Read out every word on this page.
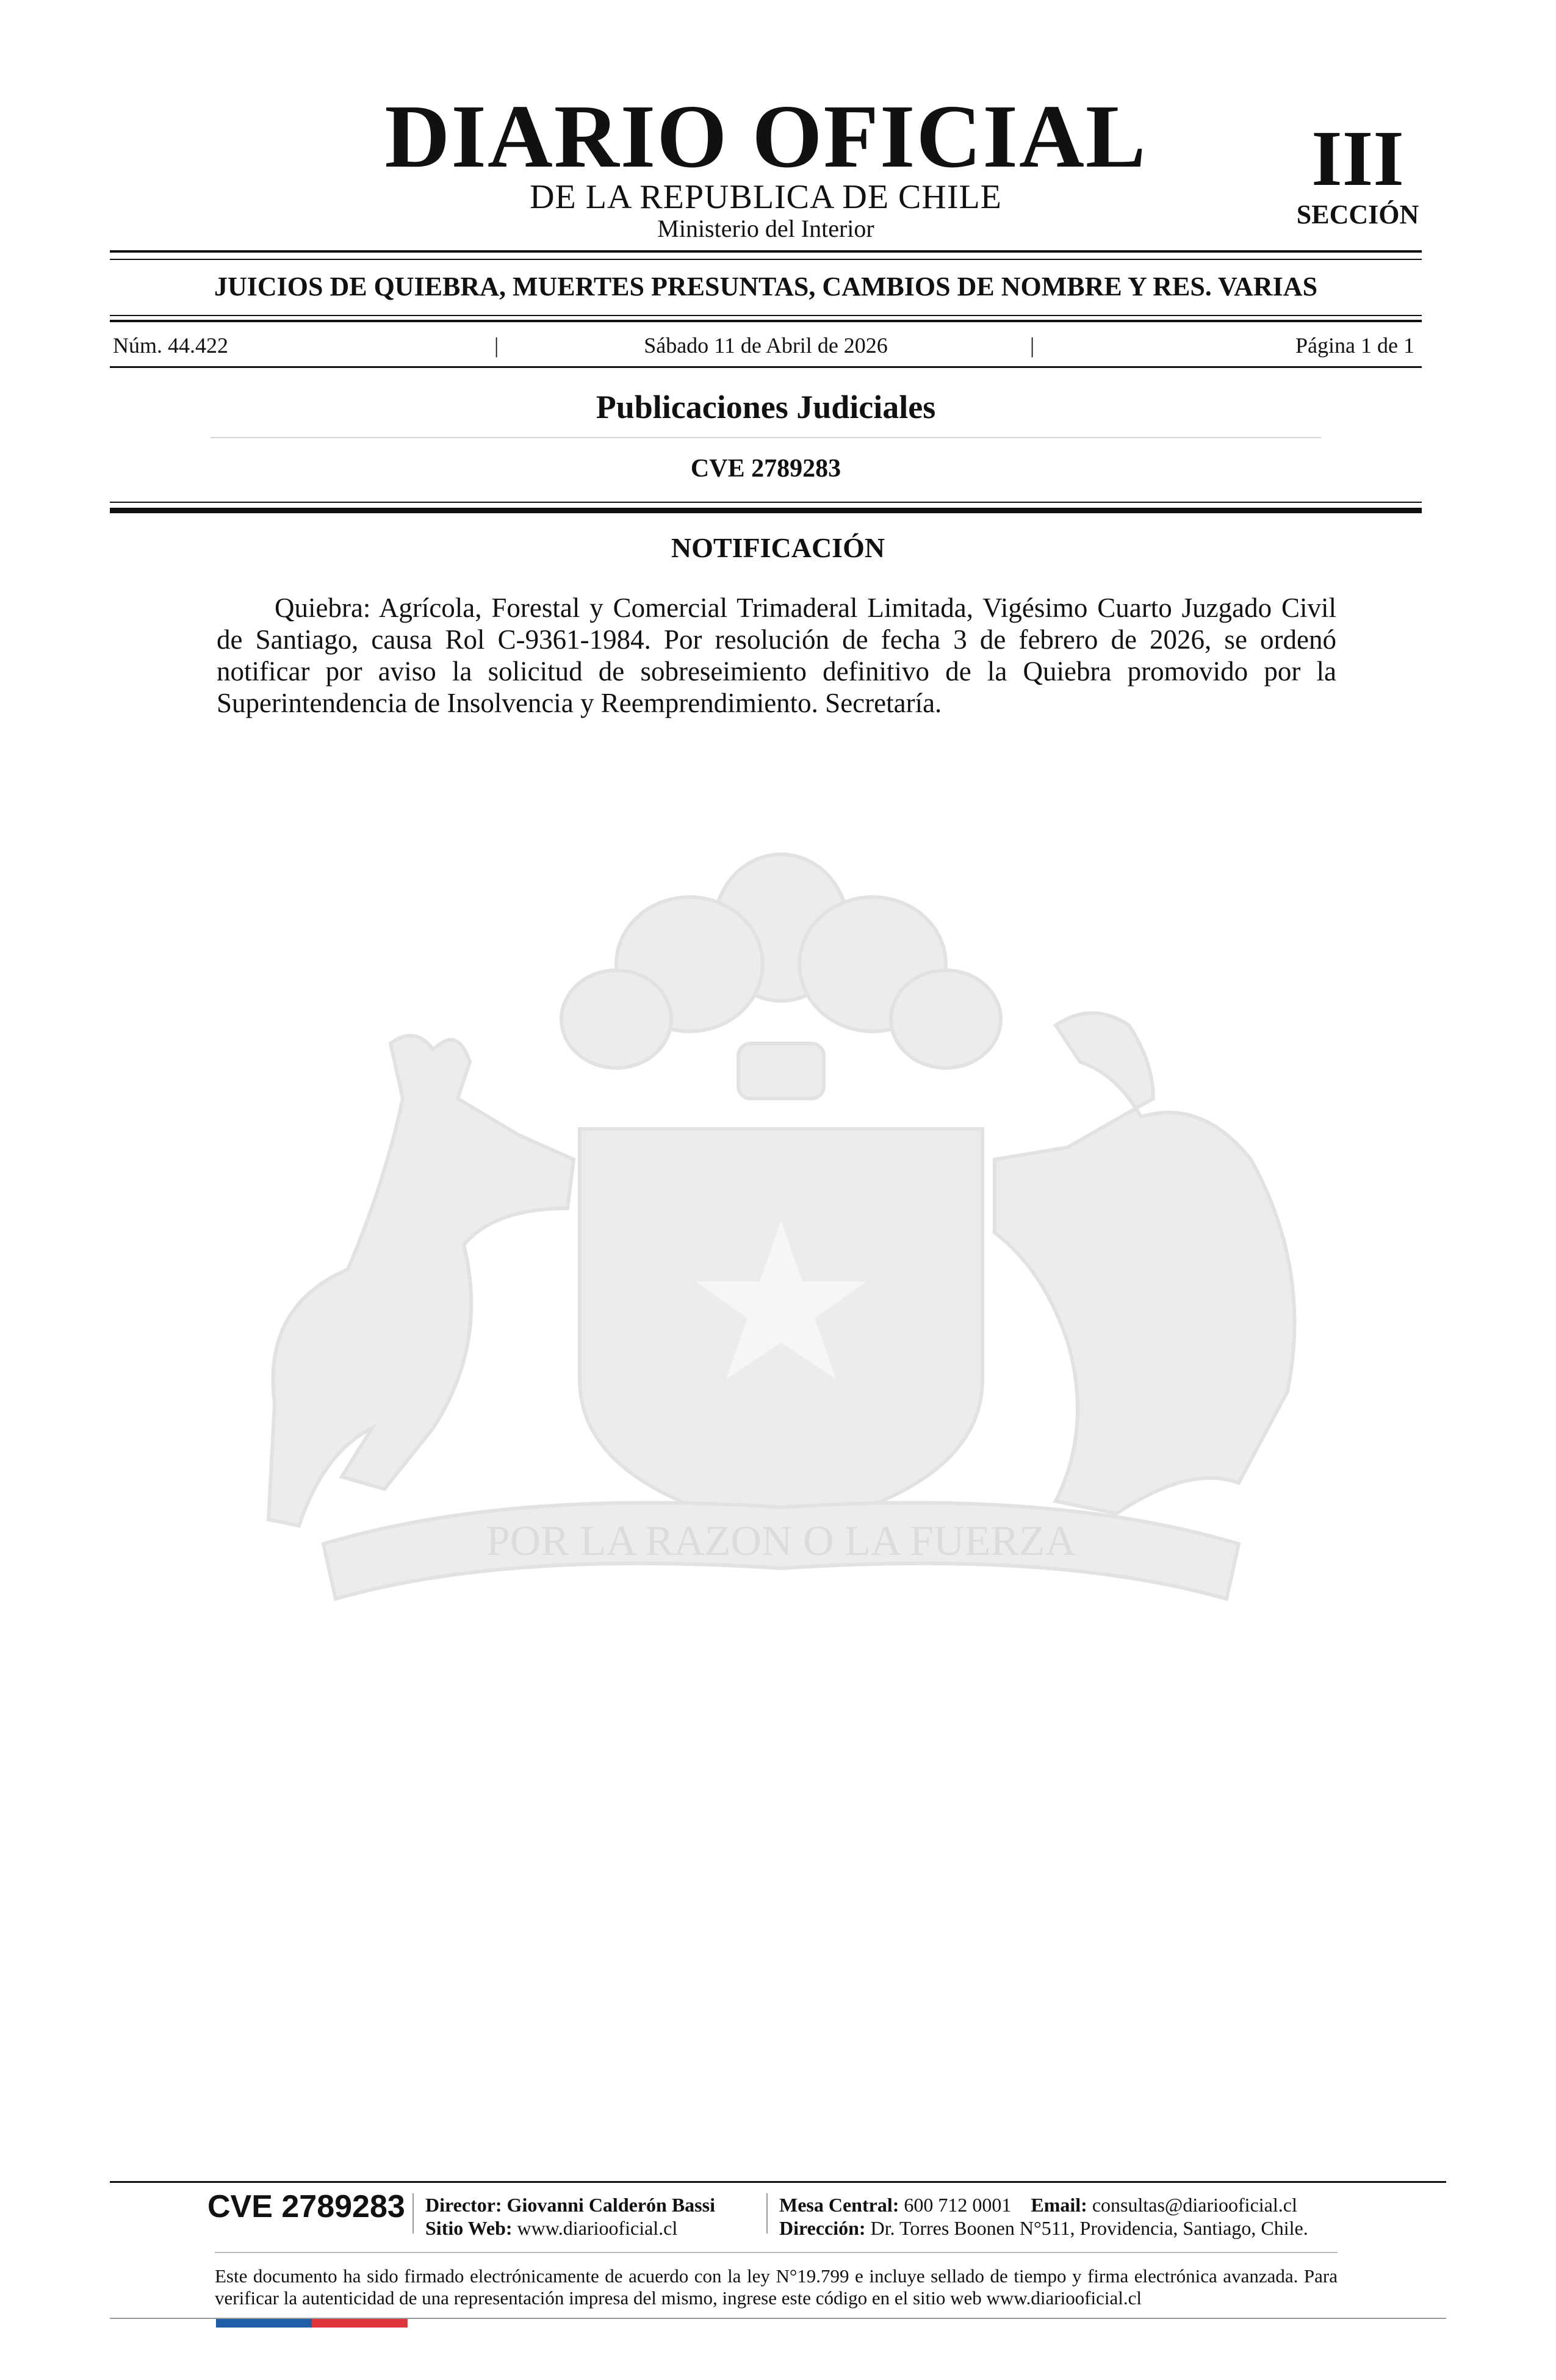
DIARIO OFICIAL
DE LA REPUBLICA DE CHILE
Ministerio del Interior
III
SECCIÓN
JUICIOS DE QUIEBRA, MUERTES PRESUNTAS, CAMBIOS DE NOMBRE Y RES. VARIAS
Núm. 44.422	|	Sábado 11 de Abril de 2026	|	Página 1 de 1
Publicaciones Judiciales
CVE 2789283
NOTIFICACIÓN
Quiebra: Agrícola, Forestal y Comercial Trimaderal Limitada, Vigésimo Cuarto Juzgado Civil de Santiago, causa Rol C-9361-1984. Por resolución de fecha 3 de febrero de 2026, se ordenó notificar por aviso la solicitud de sobreseimiento definitivo de la Quiebra promovido por la Superintendencia de Insolvencia y Reemprendimiento. Secretaría.
POR LA RAZON O LA FUERZA
CVE 2789283 Director: Giovanni Calderón Bassi
Sitio Web: www.diariooficial.cl
Mesa Central: 600 712 0001 Email: consultas@diariooficial.cl
Dirección: Dr. Torres Boonen N°511, Providencia, Santiago, Chile.
Este documento ha sido firmado electrónicamente de acuerdo con la ley N°19.799 e incluye sellado de tiempo y firma electrónica avanzada. Para verificar la autenticidad de una representación impresa del mismo, ingrese este código en el sitio web www.diariooficial.cl
